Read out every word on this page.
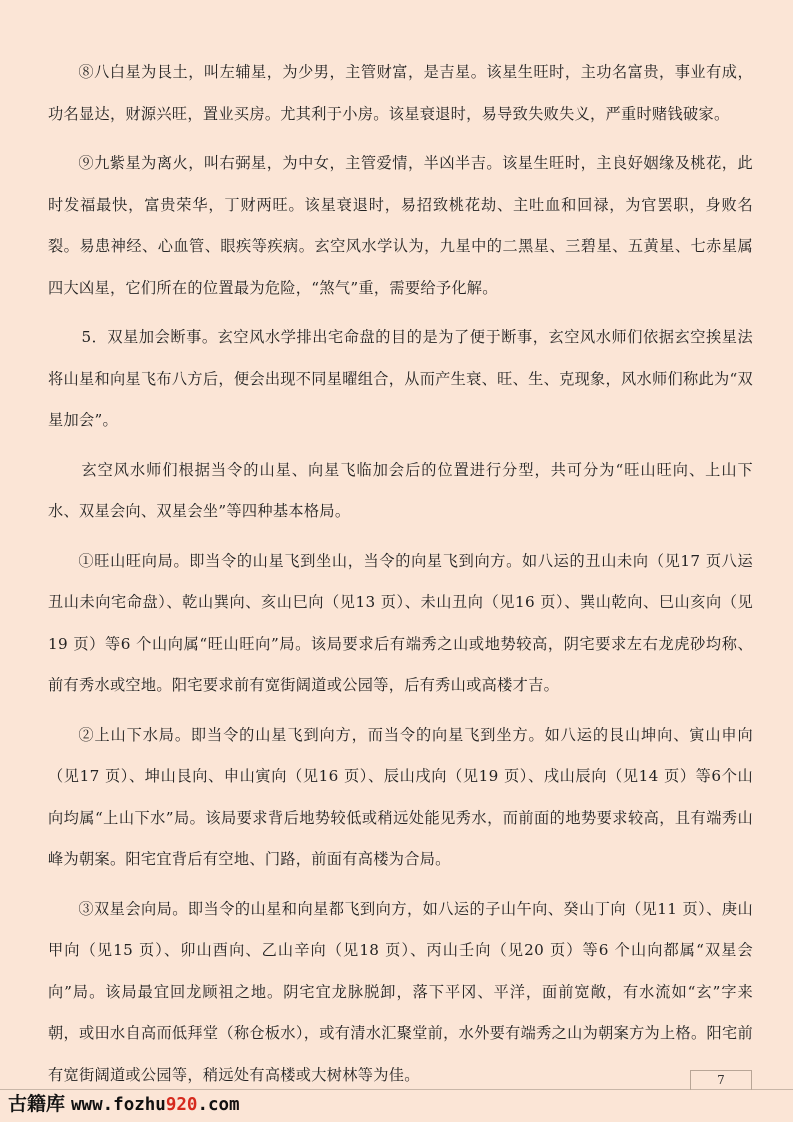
⑧八白星为艮土，叫左辅星，为少男，主管财富，是吉星。该星生旺时，主功名富贵，事业有成，功名显达，财源兴旺，置业买房。尤其利于小房。该星衰退时，易导致失败失义，严重时赌钱破家。

⑨九紫星为离火，叫右弼星，为中女，主管爱情，半凶半吉。该星生旺时，主良好姻缘及桃花，此时发福最快，富贵荣华，丁财两旺。该星衰退时，易招致桃花劫、主吐血和回禄，为官罢职，身败名裂。易患神经、心血管、眼疾等疾病。玄空风水学认为，九星中的二黑星、三碧星、五黄星、七赤星属四大凶星，它们所在的位置最为危险，“煞气”重，需要给予化解。

5．双星加会断事。玄空风水学排出宅命盘的目的是为了便于断事，玄空风水师们依据玄空挨星法将山星和向星飞布八方后，便会出现不同星曜组合，从而产生衰、旺、生、克现象，风水师们称此为“双星加会”。

玄空风水师们根据当令的山星、向星飞临加会后的位置进行分型，共可分为“旺山旺向、上山下水、双星会向、双星会坐”等四种基本格局。

①旺山旺向局。即当令的山星飞到坐山，当令的向星飞到向方。如八运的丑山未向（见17 页八运丑山未向宅命盘）、乾山巽向、亥山巳向（见13 页）、未山丑向（见16 页）、巽山乾向、巳山亥向（见19 页）等6 个山向属“旺山旺向”局。该局要求后有端秀之山或地势较高，阴宅要求左右龙虎砂均称、前有秀水或空地。阳宅要求前有宽街阔道或公园等，后有秀山或高楼才吉。

②上山下水局。即当令的山星飞到向方，而当令的向星飞到坐方。如八运的艮山坤向、寅山申向（见17 页）、坤山艮向、申山寅向（见16 页）、辰山戌向（见19 页）、戌山辰向（见14 页）等6个山向均属“上山下水”局。该局要求背后地势较低或稍远处能见秀水，而前面的地势要求较高，且有端秀山峰为朝案。阳宅宜背后有空地、门路，前面有高楼为合局。

③双星会向局。即当令的山星和向星都飞到向方，如八运的子山午向、癸山丁向（见11 页）、庚山甲向（见15 页）、卯山酉向、乙山辛向（见18 页）、丙山壬向（见20 页）等6 个山向都属“双星会向”局。该局最宜回龙顾祖之地。阴宅宜龙脉脱卸，落下平冈、平洋，面前宽敞，有水流如“玄”字来朝，或田水自高而低拜堂（称仓板水），或有清水汇聚堂前，水外要有端秀之山为朝案方为上格。阳宅前有宽街阔道或公园等，稍远处有高楼或大树林等为佳。	7
古籍库 www.fozhu920.com
